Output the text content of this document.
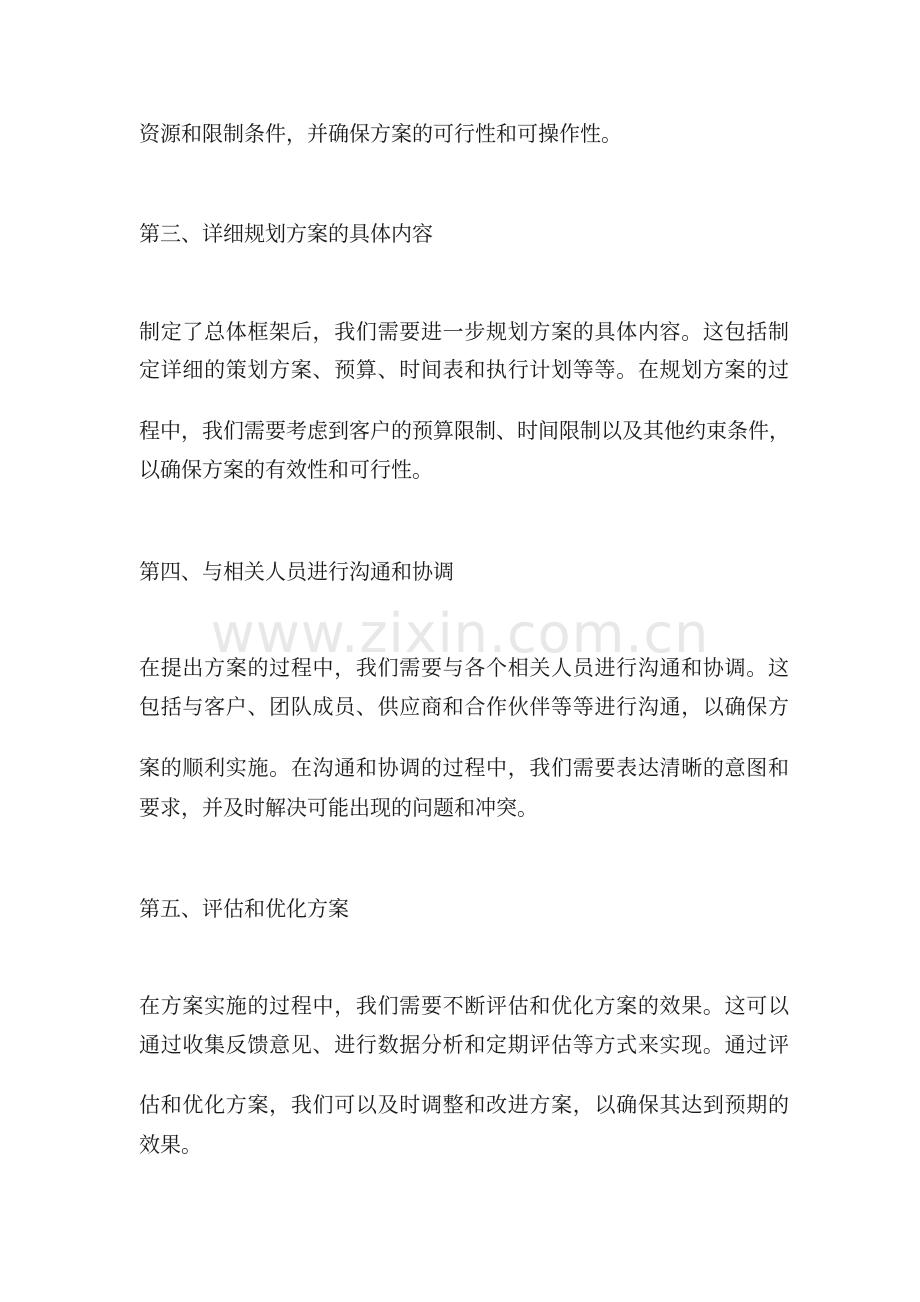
资源和限制条件，并确保方案的可行性和可操作性。
第三、详细规划方案的具体内容
制定了总体框架后，我们需要进一步规划方案的具体内容。这包括制
定详细的策划方案、预算、时间表和执行计划等等。在规划方案的过
程中，我们需要考虑到客户的预算限制、时间限制以及其他约束条件，
以确保方案的有效性和可行性。
第四、与相关人员进行沟通和协调
www.zixin.com.cn
在提出方案的过程中，我们需要与各个相关人员进行沟通和协调。这
包括与客户、团队成员、供应商和合作伙伴等等进行沟通，以确保方
案的顺利实施。在沟通和协调的过程中，我们需要表达清晰的意图和
要求，并及时解决可能出现的问题和冲突。
第五、评估和优化方案
在方案实施的过程中，我们需要不断评估和优化方案的效果。这可以
通过收集反馈意见、进行数据分析和定期评估等方式来实现。通过评
估和优化方案，我们可以及时调整和改进方案，以确保其达到预期的
效果。
